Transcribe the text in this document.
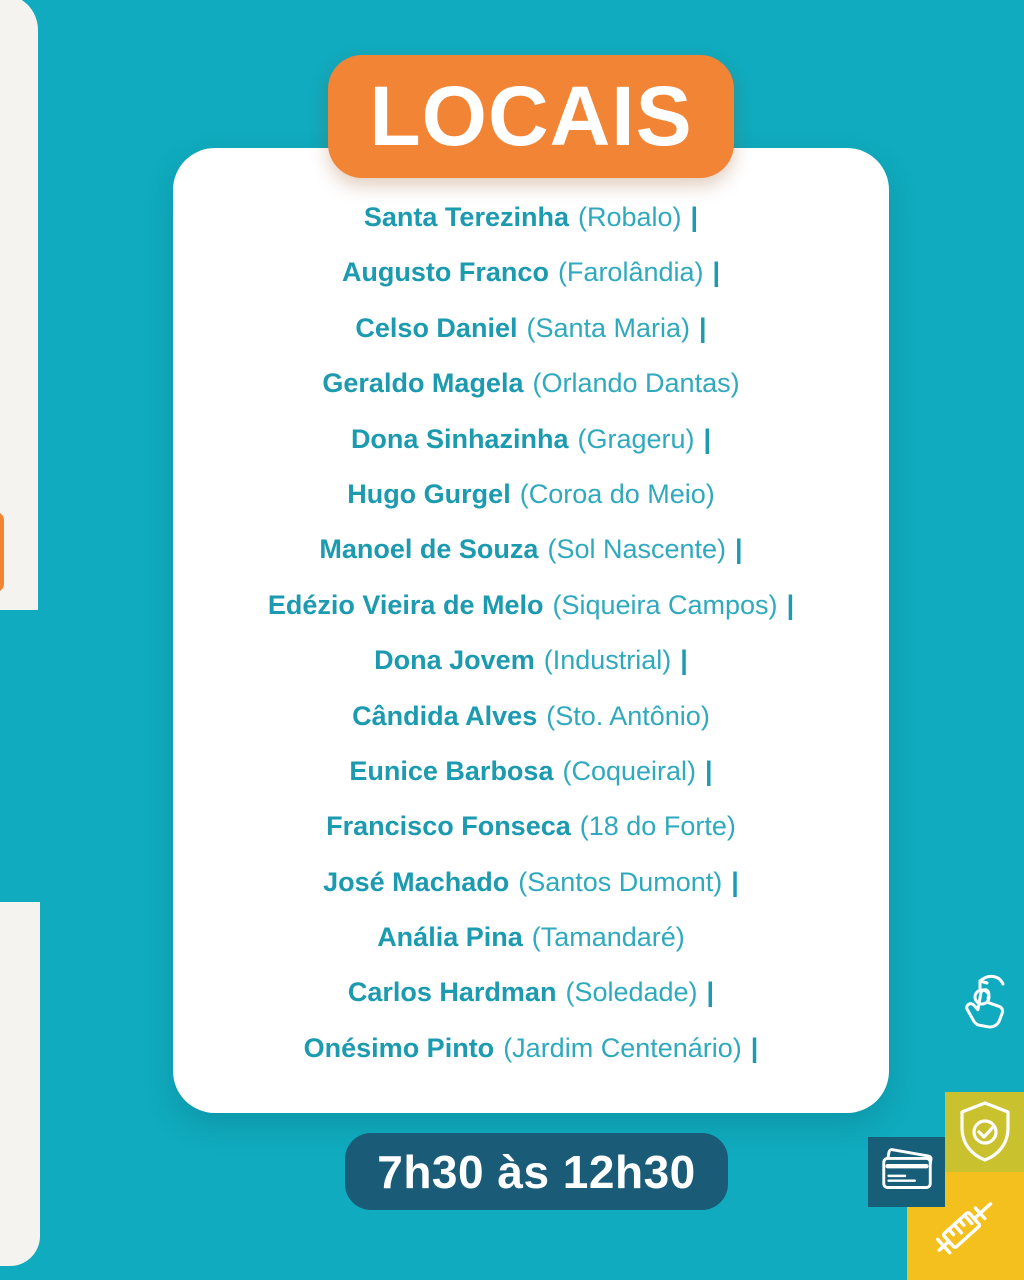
LOCAIS
Santa Terezinha (Robalo) |
Augusto Franco (Farolândia) |
Celso Daniel (Santa Maria) |
Geraldo Magela (Orlando Dantas)
Dona Sinhazinha (Grageru) |
Hugo Gurgel (Coroa do Meio)
Manoel de Souza (Sol Nascente) |
Edézio Vieira de Melo (Siqueira Campos) |
Dona Jovem (Industrial) |
Cândida Alves (Sto. Antônio)
Eunice Barbosa (Coqueiral) |
Francisco Fonseca (18 do Forte)
José Machado (Santos Dumont) |
Anália Pina (Tamandaré)
Carlos Hardman (Soledade) |
Onésimo Pinto (Jardim Centenário) |
7h30 às 12h30
